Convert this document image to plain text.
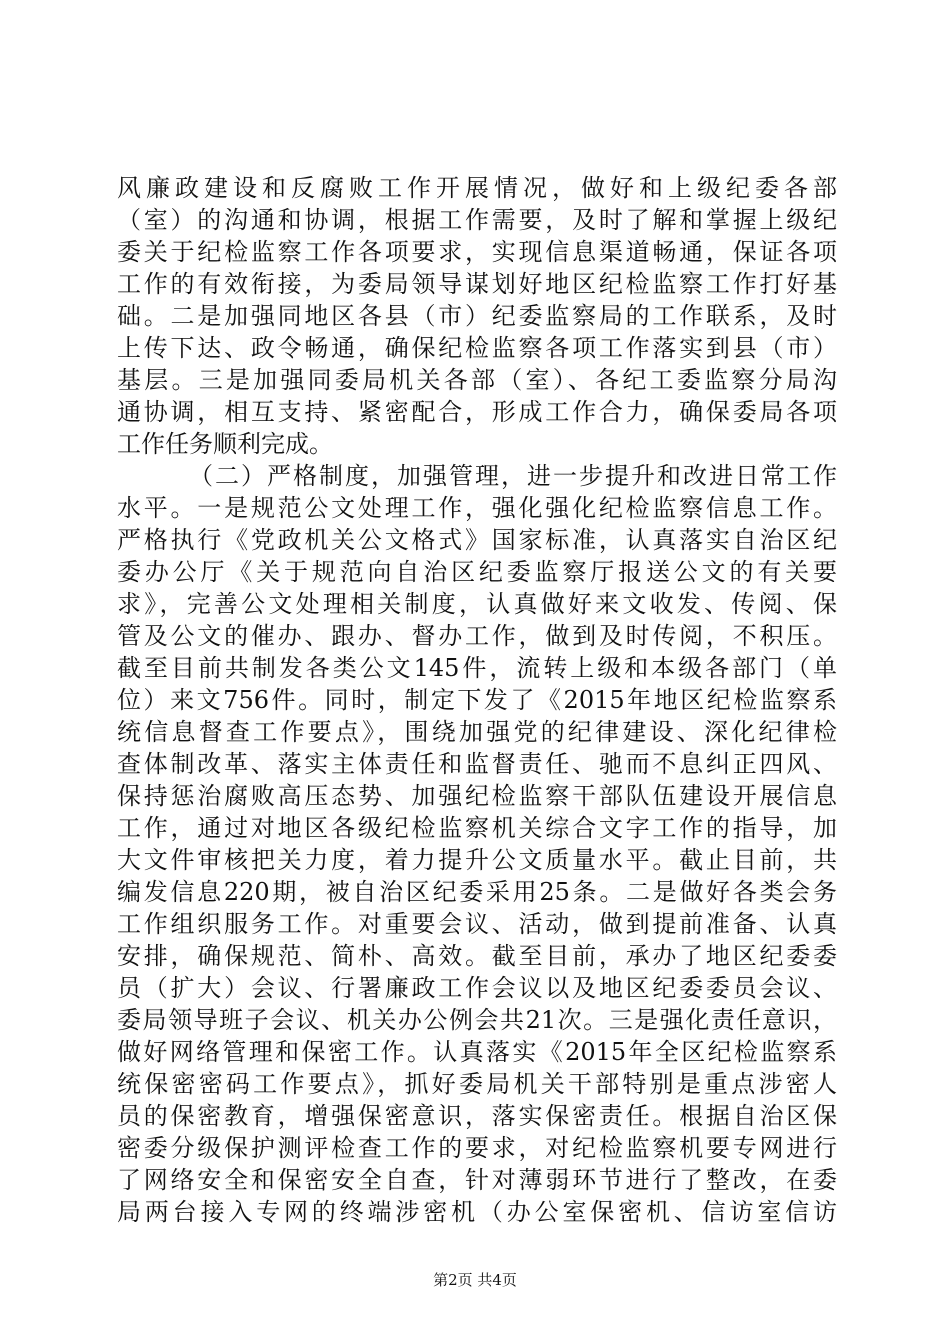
风廉政建设和反腐败工作开展情况，做好和上级纪委各部
（室）的沟通和协调，根据工作需要，及时了解和掌握上级纪
委关于纪检监察工作各项要求，实现信息渠道畅通，保证各项
工作的有效衔接，为委局领导谋划好地区纪检监察工作打好基
础。二是加强同地区各县（市）纪委监察局的工作联系，及时
上传下达、政令畅通，确保纪检监察各项工作落实到县（市）
基层。三是加强同委局机关各部（室）、各纪工委监察分局沟
通协调，相互支持、紧密配合，形成工作合力，确保委局各项
工作任务顺利完成。
（二）严格制度，加强管理，进一步提升和改进日常工作
水平。一是规范公文处理工作，强化强化纪检监察信息工作。
严格执行《党政机关公文格式》国家标准，认真落实自治区纪
委办公厅《关于规范向自治区纪委监察厅报送公文的有关要
求》，完善公文处理相关制度，认真做好来文收发、传阅、保
管及公文的催办、跟办、督办工作，做到及时传阅，不积压。
截至目前共制发各类公文145件，流转上级和本级各部门（单
位）来文756件。同时，制定下发了《2015年地区纪检监察系
统信息督查工作要点》，围绕加强党的纪律建设、深化纪律检
查体制改革、落实主体责任和监督责任、驰而不息纠正四风、
保持惩治腐败高压态势、加强纪检监察干部队伍建设开展信息
工作，通过对地区各级纪检监察机关综合文字工作的指导，加
大文件审核把关力度，着力提升公文质量水平。截止目前，共
编发信息220期，被自治区纪委采用25条。二是做好各类会务
工作组织服务工作。对重要会议、活动，做到提前准备、认真
安排，确保规范、简朴、高效。截至目前，承办了地区纪委委
员（扩大）会议、行署廉政工作会议以及地区纪委委员会议、
委局领导班子会议、机关办公例会共21次。三是强化责任意识，
做好网络管理和保密工作。认真落实《2015年全区纪检监察系
统保密密码工作要点》，抓好委局机关干部特别是重点涉密人
员的保密教育，增强保密意识，落实保密责任。根据自治区保
密委分级保护测评检查工作的要求，对纪检监察机要专网进行
了网络安全和保密安全自查，针对薄弱环节进行了整改，在委
局两台接入专网的终端涉密机（办公室保密机、信访室信访
第2页 共4页
